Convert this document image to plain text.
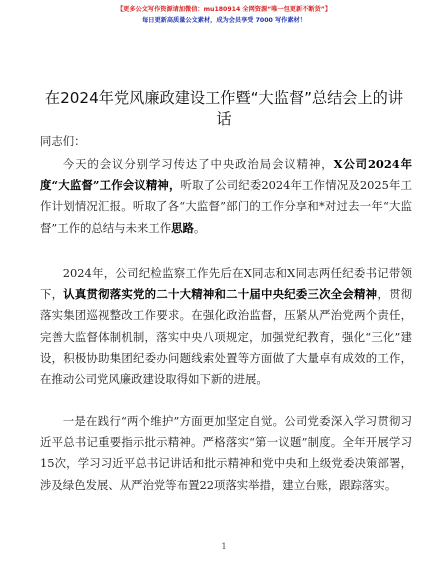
【更多公文写作资源请加微信：mu180914 全网资源“唯一包更新不断货”】
每日更新高质量公文素材，成为会员享受 7000 写作素材！
在2024年党风廉政建设工作暨“大监督”总结会上的讲话
同志们：

今天的会议分别学习传达了中央政治局会议精神，X公司2024年度“大监督”工作会议精神，听取了公司纪委2024年工作情况及2025年工作计划情况汇报。听取了各“大监督”部门的工作分享和*对过去一年“大监督”工作的总结与未来工作思路。

2024年，公司纪检监察工作先后在X同志和X同志两任纪委书记带领下，认真贯彻落实党的二十大精神和二十届中央纪委三次全会精神，贯彻落实集团巡视整改工作要求。在强化政治监督，压紧从严治党两个责任，完善大监督体制机制，落实中央八项规定，加强党纪教育，强化“三化”建设，积极协助集团纪委办问题线索处置等方面做了大量卓有成效的工作，在推动公司党风廉政建设取得如下新的进展。

一是在践行“两个维护”方面更加坚定自觉。公司党委深入学习贯彻习近平总书记重要指示批示精神。严格落实“第一议题”制度。全年开展学习15次，学习习近平总书记讲话和批示精神和党中央和上级党委决策部署，涉及绿色发展、从严治党等布置22项落实举措，建立台账，跟踪落实。

1
